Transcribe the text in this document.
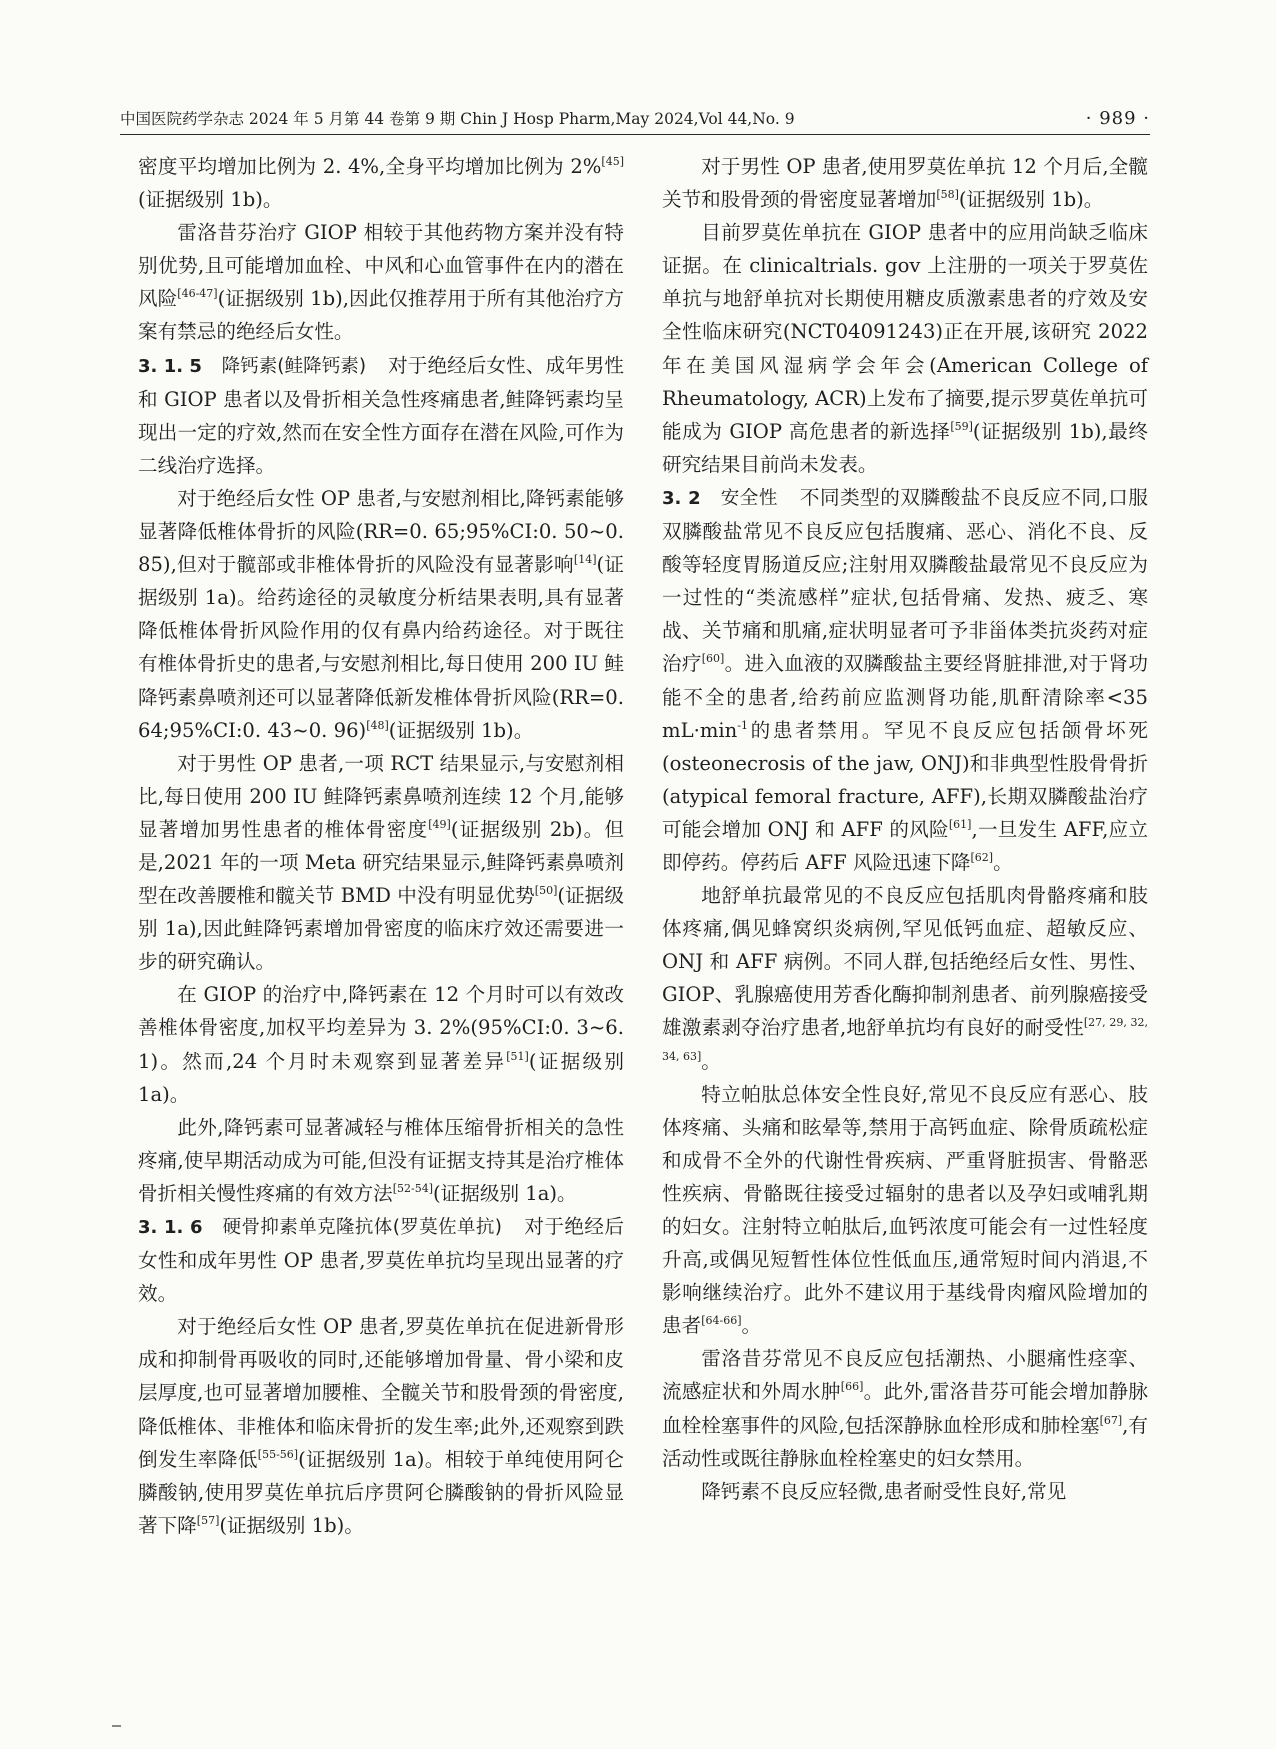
中国医院药学杂志 2024 年 5 月第 44 卷第 9 期 Chin J Hosp Pharm,May 2024,Vol 44,No. 9	· 989 ·

密度平均增加比例为 2. 4%,全身平均增加比例为 2%[45](证据级别 1b)。

雷洛昔芬治疗 GIOP 相较于其他药物方案并没有特别优势,且可能增加血栓、中风和心血管事件在内的潜在风险[46-47](证据级别 1b),因此仅推荐用于所有其他治疗方案有禁忌的绝经后女性。

3. 1. 5  降钙素(鲑降钙素) 对于绝经后女性、成年男性和 GIOP 患者以及骨折相关急性疼痛患者,鲑降钙素均呈现出一定的疗效,然而在安全性方面存在潜在风险,可作为二线治疗选择。

对于绝经后女性 OP 患者,与安慰剂相比,降钙素能够显著降低椎体骨折的风险(RR=0. 65;95%CI:0. 50~0. 85),但对于髋部或非椎体骨折的风险没有显著影响[14](证据级别 1a)。给药途径的灵敏度分析结果表明,具有显著降低椎体骨折风险作用的仅有鼻内给药途径。对于既往有椎体骨折史的患者,与安慰剂相比,每日使用 200 IU 鲑降钙素鼻喷剂还可以显著降低新发椎体骨折风险(RR=0. 64;95%CI:0. 43~0. 96)[48](证据级别 1b)。

对于男性 OP 患者,一项 RCT 结果显示,与安慰剂相比,每日使用 200 IU 鲑降钙素鼻喷剂连续 12 个月,能够显著增加男性患者的椎体骨密度[49](证据级别 2b)。但是,2021 年的一项 Meta 研究结果显示,鲑降钙素鼻喷剂型在改善腰椎和髋关节 BMD 中没有明显优势[50](证据级别 1a),因此鲑降钙素增加骨密度的临床疗效还需要进一步的研究确认。

在 GIOP 的治疗中,降钙素在 12 个月时可以有效改善椎体骨密度,加权平均差异为 3. 2%(95%CI:0. 3~6. 1)。然而,24 个月时未观察到显著差异[51](证据级别 1a)。

此外,降钙素可显著减轻与椎体压缩骨折相关的急性疼痛,使早期活动成为可能,但没有证据支持其是治疗椎体骨折相关慢性疼痛的有效方法[52-54](证据级别 1a)。

3. 1. 6  硬骨抑素单克隆抗体(罗莫佐单抗) 对于绝经后女性和成年男性 OP 患者,罗莫佐单抗均呈现出显著的疗效。

对于绝经后女性 OP 患者,罗莫佐单抗在促进新骨形成和抑制骨再吸收的同时,还能够增加骨量、骨小梁和皮层厚度,也可显著增加腰椎、全髋关节和股骨颈的骨密度,降低椎体、非椎体和临床骨折的发生率;此外,还观察到跌倒发生率降低[55-56](证据级别 1a)。相较于单纯使用阿仑膦酸钠,使用罗莫佐单抗后序贯阿仑膦酸钠的骨折风险显著下降[57](证据级别 1b)。

对于男性 OP 患者,使用罗莫佐单抗 12 个月后,全髋关节和股骨颈的骨密度显著增加[58](证据级别 1b)。

目前罗莫佐单抗在 GIOP 患者中的应用尚缺乏临床证据。在 clinicaltrials. gov 上注册的一项关于罗莫佐单抗与地舒单抗对长期使用糖皮质激素患者的疗效及安全性临床研究(NCT04091243)正在开展,该研究 2022 年在美国风湿病学会年会(American College of Rheumatology, ACR)上发布了摘要,提示罗莫佐单抗可能成为 GIOP 高危患者的新选择[59](证据级别 1b),最终研究结果目前尚未发表。

3. 2  安全性 不同类型的双膦酸盐不良反应不同,口服双膦酸盐常见不良反应包括腹痛、恶心、消化不良、反酸等轻度胃肠道反应;注射用双膦酸盐最常见不良反应为一过性的“类流感样”症状,包括骨痛、发热、疲乏、寒战、关节痛和肌痛,症状明显者可予非甾体类抗炎药对症治疗[60]。进入血液的双膦酸盐主要经肾脏排泄,对于肾功能不全的患者,给药前应监测肾功能,肌酐清除率<35 $mL\cdot\min^{-1}$的患者禁用。罕见不良反应包括颌骨坏死(osteonecrosis of the jaw, ONJ)和非典型性股骨骨折(atypical femoral fracture, AFF),长期双膦酸盐治疗可能会增加 ONJ 和 AFF 的风险[61],一旦发生 AFF,应立即停药。停药后 AFF 风险迅速下降[62]。

地舒单抗最常见的不良反应包括肌肉骨骼疼痛和肢体疼痛,偶见蜂窝织炎病例,罕见低钙血症、超敏反应、ONJ 和 AFF 病例。不同人群,包括绝经后女性、男性、GIOP、乳腺癌使用芳香化酶抑制剂患者、前列腺癌接受雄激素剥夺治疗患者,地舒单抗均有良好的耐受性[27, 29, 32, 34, 63]。

特立帕肽总体安全性良好,常见不良反应有恶心、肢体疼痛、头痛和眩晕等,禁用于高钙血症、除骨质疏松症和成骨不全外的代谢性骨疾病、严重肾脏损害、骨骼恶性疾病、骨骼既往接受过辐射的患者以及孕妇或哺乳期的妇女。注射特立帕肽后,血钙浓度可能会有一过性轻度升高,或偶见短暂性体位性低血压,通常短时间内消退,不影响继续治疗。此外不建议用于基线骨肉瘤风险增加的患者[64-66]。

雷洛昔芬常见不良反应包括潮热、小腿痛性痉挛、流感症状和外周水肿[66]。此外,雷洛昔芬可能会增加静脉血栓栓塞事件的风险,包括深静脉血栓形成和肺栓塞[67],有活动性或既往静脉血栓栓塞史的妇女禁用。

降钙素不良反应轻微,患者耐受性良好,常见
